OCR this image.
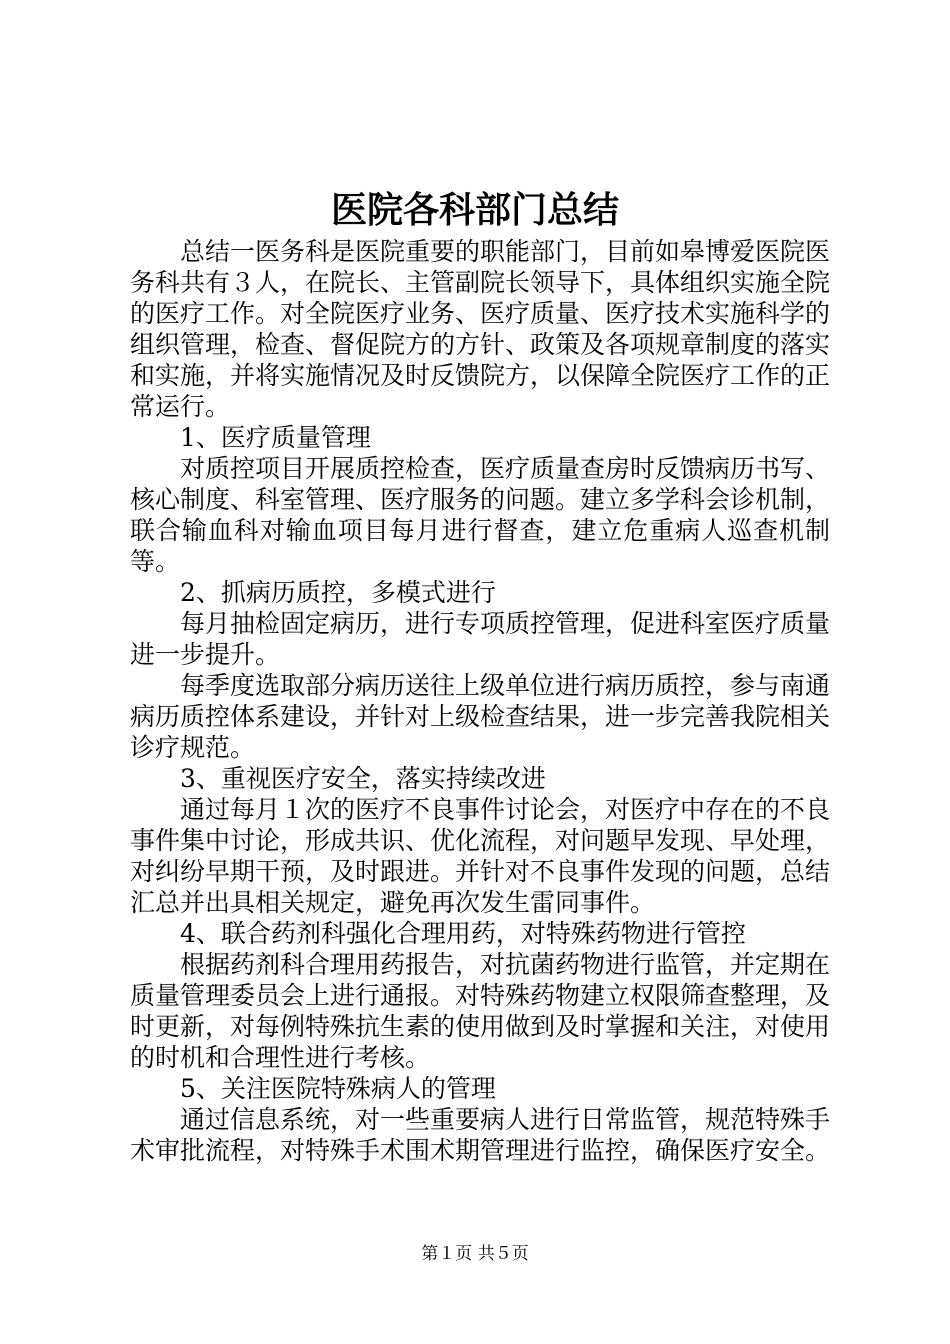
医院各科部门总结

总结一医务科是医院重要的职能部门，目前如皋博爱医院医务科共有３人，在院长、主管副院长领导下，具体组织实施全院的医疗工作。对全院医疗业务、医疗质量、医疗技术实施科学的组织管理，检查、督促院方的方针、政策及各项规章制度的落实和实施，并将实施情况及时反馈院方，以保障全院医疗工作的正常运行。

1、医疗质量管理

对质控项目开展质控检查，医疗质量查房时反馈病历书写、核心制度、科室管理、医疗服务的问题。建立多学科会诊机制，联合输血科对输血项目每月进行督查，建立危重病人巡查机制等。

2、抓病历质控，多模式进行

每月抽检固定病历，进行专项质控管理，促进科室医疗质量进一步提升。

每季度选取部分病历送往上级单位进行病历质控，参与南通病历质控体系建设，并针对上级检查结果，进一步完善我院相关诊疗规范。

3、重视医疗安全，落实持续改进

通过每月１次的医疗不良事件讨论会，对医疗中存在的不良事件集中讨论，形成共识、优化流程，对问题早发现、早处理，对纠纷早期干预，及时跟进。并针对不良事件发现的问题，总结汇总并出具相关规定，避免再次发生雷同事件。

4、联合药剂科强化合理用药，对特殊药物进行管控

根据药剂科合理用药报告，对抗菌药物进行监管，并定期在质量管理委员会上进行通报。对特殊药物建立权限筛查整理，及时更新，对每例特殊抗生素的使用做到及时掌握和关注，对使用的时机和合理性进行考核。

5、关注医院特殊病人的管理

通过信息系统，对一些重要病人进行日常监管，规范特殊手术审批流程，对特殊手术围术期管理进行监控，确保医疗安全。

第１页 共５页
